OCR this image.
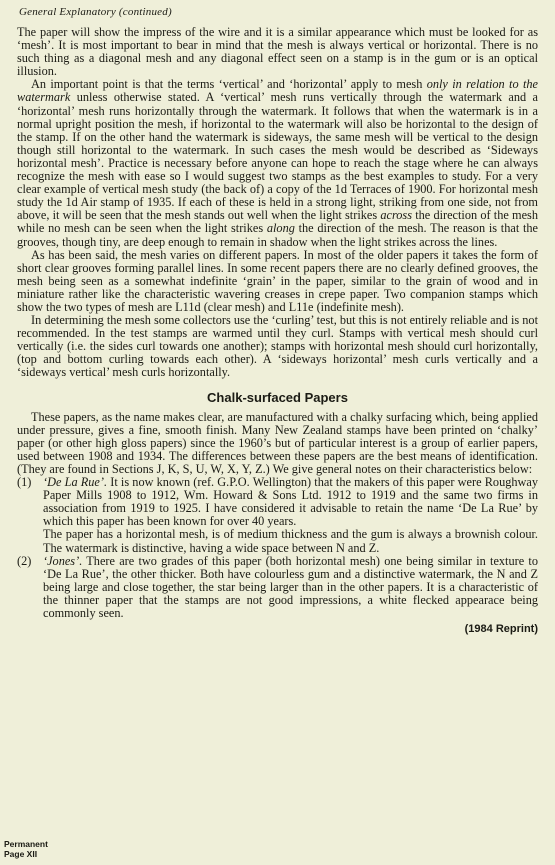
General Explanatory (continued)

The paper will show the impress of the wire and it is a similar appearance which must be looked for as ‘mesh’. It is most important to bear in mind that the mesh is always vertical or horizontal. There is no such thing as a diagonal mesh and any diagonal effect seen on a stamp is in the gum or is an optical illusion.

An important point is that the terms ‘vertical’ and ‘horizontal’ apply to mesh only in relation to the watermark unless otherwise stated. A ‘vertical’ mesh runs vertically through the watermark and a ‘horizontal’ mesh runs horizontally through the watermark. It follows that when the watermark is in a normal upright position the mesh, if horizontal to the watermark will also be horizontal to the design of the stamp. If on the other hand the watermark is sideways, the same mesh will be vertical to the design though still horizontal to the watermark. In such cases the mesh would be described as ‘Sideways horizontal mesh’. Practice is necessary before anyone can hope to reach the stage where he can always recognize the mesh with ease so I would suggest two stamps as the best examples to study. For a very clear example of vertical mesh study (the back of) a copy of the 1d Terraces of 1900. For horizontal mesh study the 1d Air stamp of 1935. If each of these is held in a strong light, striking from one side, not from above, it will be seen that the mesh stands out well when the light strikes across the direction of the mesh while no mesh can be seen when the light strikes along the direction of the mesh. The reason is that the grooves, though tiny, are deep enough to remain in shadow when the light strikes across the lines.

As has been said, the mesh varies on different papers. In most of the older papers it takes the form of short clear grooves forming parallel lines. In some recent papers there are no clearly defined grooves, the mesh being seen as a somewhat indefinite ‘grain’ in the paper, similar to the grain of wood and in miniature rather like the characteristic wavering creases in crepe paper. Two companion stamps which show the two types of mesh are L11d (clear mesh) and L11e (indefinite mesh).

In determining the mesh some collectors use the ‘curling’ test, but this is not entirely reliable and is not recommended. In the test stamps are warmed until they curl. Stamps with vertical mesh should curl vertically (i.e. the sides curl towards one another); stamps with horizontal mesh should curl horizontally, (top and bottom curling towards each other). A ‘sideways horizontal’ mesh curls vertically and a ‘sideways vertical’ mesh curls horizontally.

Chalk-surfaced Papers

These papers, as the name makes clear, are manufactured with a chalky surfacing which, being applied under pressure, gives a fine, smooth finish. Many New Zealand stamps have been printed on ‘chalky’ paper (or other high gloss papers) since the 1960’s but of particular interest is a group of earlier papers, used between 1908 and 1934. The differences between these papers are the best means of identification. (They are found in Sections J, K, S, U, W, X, Y, Z.) We give general notes on their characteristics below:

(1) ‘De La Rue’. It is now known (ref. G.P.O. Wellington) that the makers of this paper were Roughway Paper Mills 1908 to 1912, Wm. Howard & Sons Ltd. 1912 to 1919 and the same two firms in association from 1919 to 1925. I have considered it advisable to retain the name ‘De La Rue’ by which this paper has been known for over 40 years.

The paper has a horizontal mesh, is of medium thickness and the gum is always a brownish colour. The watermark is distinctive, having a wide space between N and Z.

(2) ‘Jones’. There are two grades of this paper (both horizontal mesh) one being similar in texture to ‘De La Rue’, the other thicker. Both have colourless gum and a distinctive watermark, the N and Z being large and close together, the star being larger than in the other papers. It is a characteristic of the thinner paper that the stamps are not good impressions, a white flecked appearace being commonly seen.

(1984 Reprint)
Permanent
Page XII
